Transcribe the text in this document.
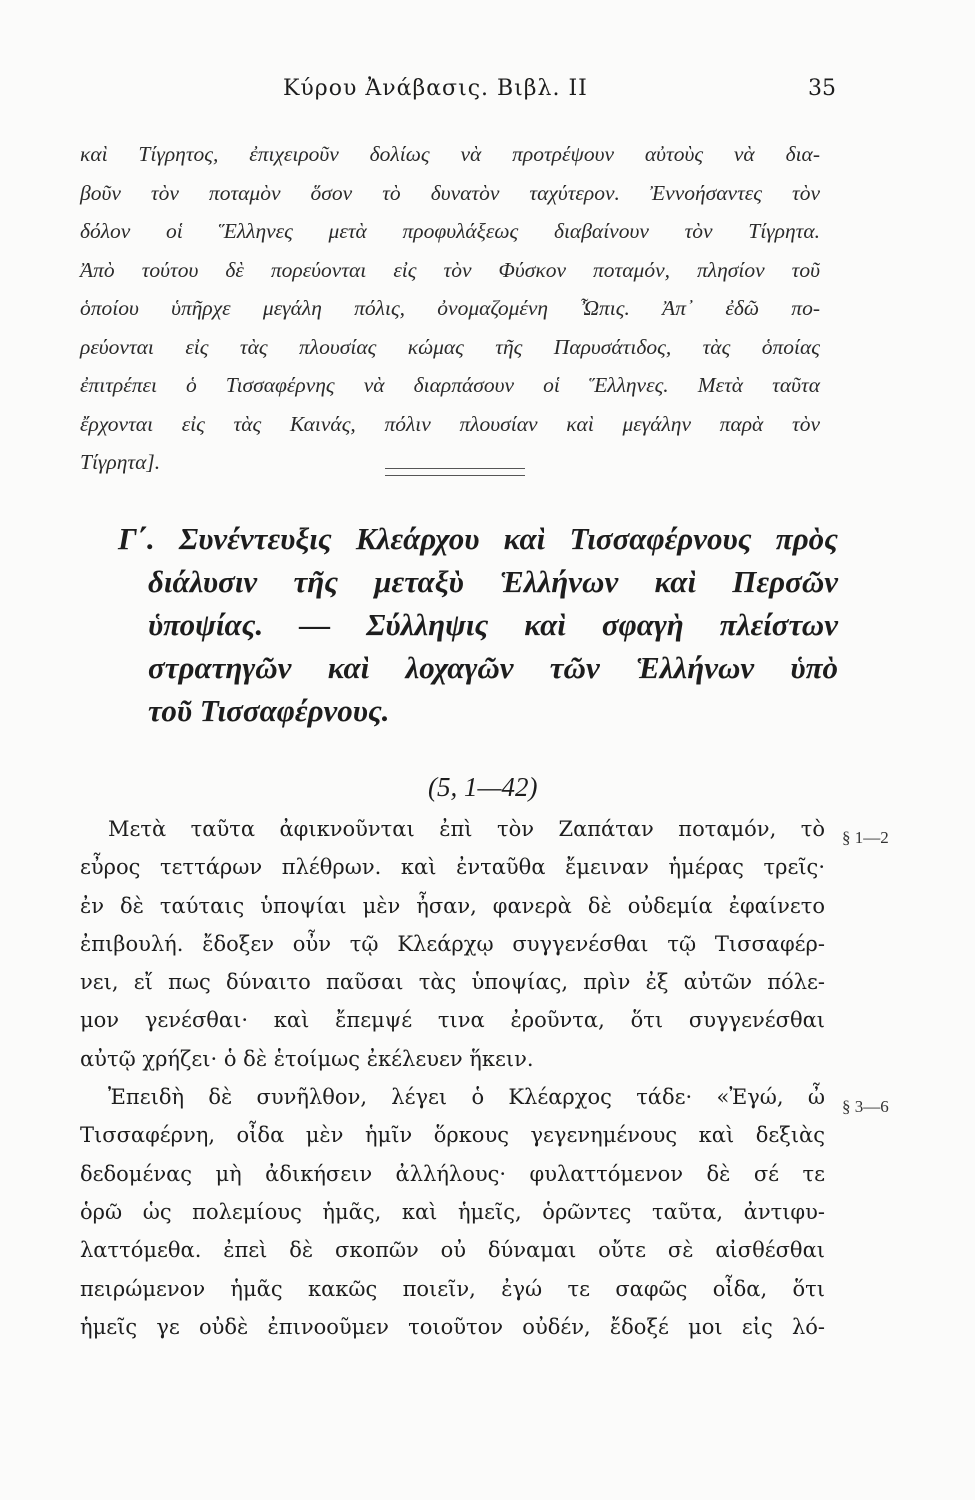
Κύρου Ἀνάβασις. Βιβλ. II	35
καὶ Τίγρητος, ἐπιχειροῦν δολίως νὰ προτρέψουν αὐτοὺς νὰ δια-
βοῦν τὸν ποταμὸν ὅσον τὸ δυνατὸν ταχύτερον. Ἐννοήσαντες τὸν
δόλον οἱ Ἕλληνες μετὰ προφυλάξεως διαβαίνουν τὸν Τίγρητα.
Ἀπὸ τούτου δὲ πορεύονται εἰς τὸν Φύσκον ποταμόν, πλησίον τοῦ
ὁποίου ὑπῆρχε μεγάλη πόλις, ὀνομαζομένη Ὦπις. Ἀπ᾽ ἐδῶ πο-
ρεύονται εἰς τὰς πλουσίας κώμας τῆς Παρυσάτιδος, τὰς ὁποίας
ἐπιτρέπει ὁ Τισσαφέρνης νὰ διαρπάσουν οἱ Ἕλληνες. Μετὰ ταῦτα
ἔρχονται εἰς τὰς Καινάς, πόλιν πλουσίαν καὶ μεγάλην παρὰ τὸν
Τίγρητα].
Γ΄. Συνέντευξις Κλεάρχου καὶ Τισσαφέρνους πρὸς
διάλυσιν τῆς μεταξὺ Ἑλλήνων καὶ Περσῶν
ὑποψίας. — Σύλληψις καὶ σφαγὴ πλείστων
στρατηγῶν καὶ λοχαγῶν τῶν Ἑλλήνων ὑπὸ
τοῦ Τισσαφέρνους.
(5, 1—42)
Μετὰ ταῦτα ἀφικνοῦνται ἐπὶ τὸν Ζαπάταν ποταμόν, τὸ
εὖρος τεττάρων πλέθρων. καὶ ἐνταῦθα ἔμειναν ἡμέρας τρεῖς·
ἐν δὲ ταύταις ὑποψίαι μὲν ἦσαν, φανερὰ δὲ οὐδεμία ἐφαίνετο
ἐπιβουλή. ἔδοξεν οὖν τῷ Κλεάρχῳ συγγενέσθαι τῷ Τισσαφέρ-
νει, εἴ πως δύναιτο παῦσαι τὰς ὑποψίας, πρὶν ἐξ αὐτῶν πόλε-
μον γενέσθαι· καὶ ἔπεμψέ τινα ἐροῦντα, ὅτι συγγενέσθαι
αὐτῷ χρήζει· ὁ δὲ ἑτοίμως ἐκέλευεν ἥκειν.
Ἐπειδὴ δὲ συνῆλθον, λέγει ὁ Κλέαρχος τάδε· «Ἐγώ, ὦ
Τισσαφέρνη, οἶδα μὲν ἡμῖν ὅρκους γεγενημένους καὶ δεξιὰς
δεδομένας μὴ ἀδικήσειν ἀλλήλους· φυλαττόμενον δὲ σέ τε
ὁρῶ ὡς πολεμίους ἡμᾶς, καὶ ἡμεῖς, ὁρῶντες ταῦτα, ἀντιφυ-
λαττόμεθα. ἐπεὶ δὲ σκοπῶν οὐ δύναμαι οὔτε σὲ αἰσθέσθαι
πειρώμενον ἡμᾶς κακῶς ποιεῖν, ἐγώ τε σαφῶς οἶδα, ὅτι
ἡμεῖς γε οὐδὲ ἐπινοοῦμεν τοιοῦτον οὐδέν, ἔδοξέ μοι εἰς λό-
§ 1—2
§ 3—6
